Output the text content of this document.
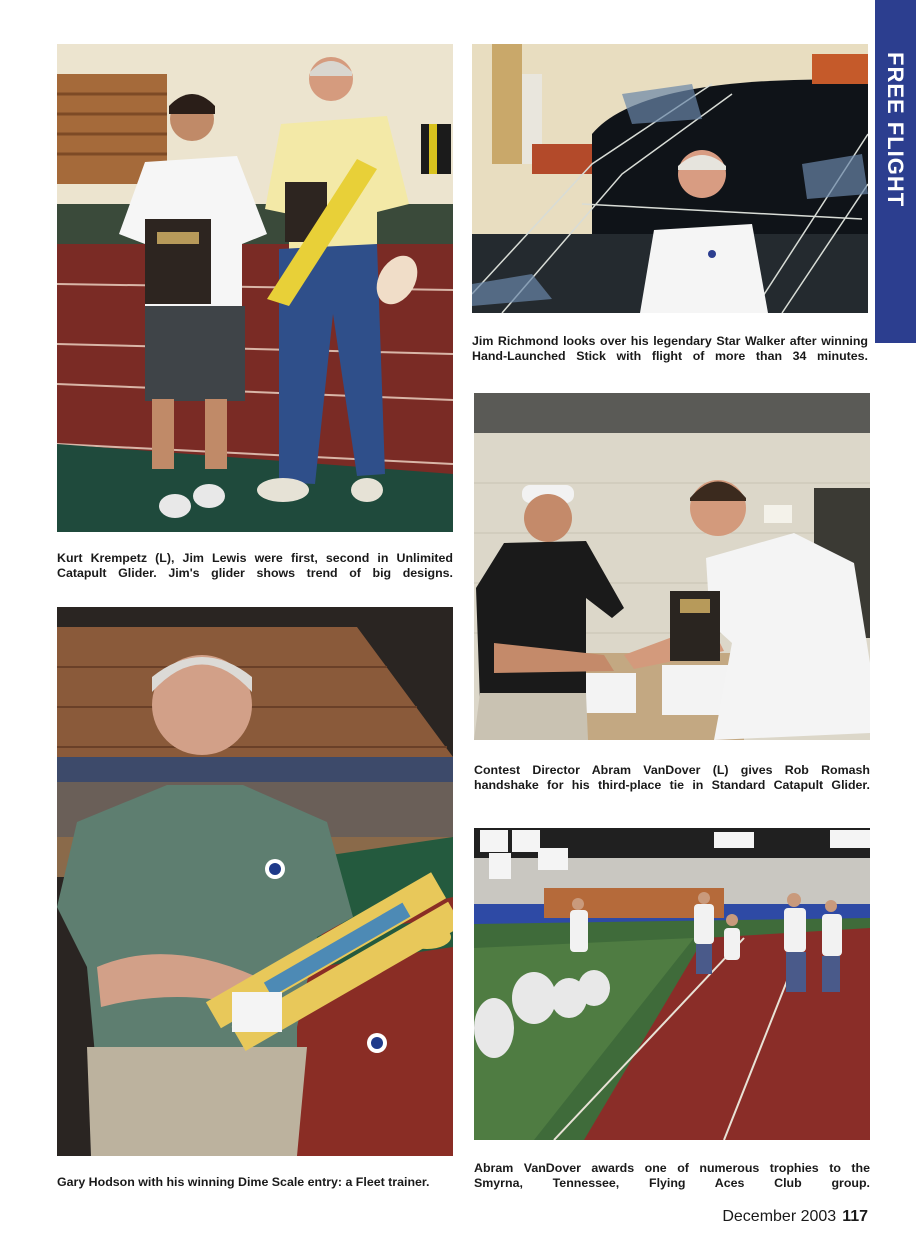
FREE FLIGHT
Kurt Krempetz (L), Jim Lewis were first, second in Unlimited
Catapult Glider. Jim's glider shows trend of big designs.
Jim Richmond looks over his legendary Star Walker after winning
Hand-Launched Stick with flight of more than 34 minutes.
Contest Director Abram VanDover (L) gives Rob Romash
handshake for his third-place tie in Standard Catapult Glider.
Gary Hodson with his winning Dime Scale entry: a Fleet trainer.
Abram VanDover awards one of numerous trophies to the
Smyrna, Tennessee, Flying Aces Club group.
December 2003 117
